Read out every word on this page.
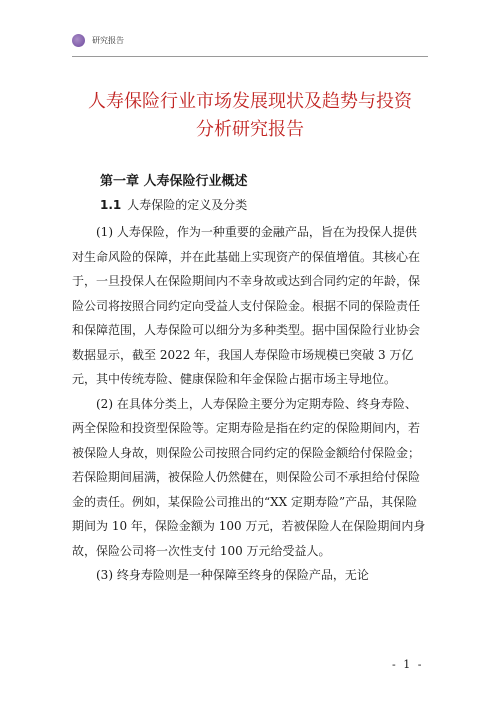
研究报告
人寿保险行业市场发展现状及趋势与投资
分析研究报告
第一章 人寿保险行业概述
1.1 人寿保险的定义及分类

(1) 人寿保险，作为一种重要的金融产品，旨在为投保人提供对生命风险的保障，并在此基础上实现资产的保值增值。其核心在于，一旦投保人在保险期间内不幸身故或达到合同约定的年龄，保险公司将按照合同约定向受益人支付保险金。根据不同的保险责任和保障范围，人寿保险可以细分为多种类型。据中国保险行业协会数据显示，截至 2022 年，我国人寿保险市场规模已突破 3 万亿元，其中传统寿险、健康保险和年金保险占据市场主导地位。

(2) 在具体分类上，人寿保险主要分为定期寿险、终身寿险、两全保险和投资型保险等。定期寿险是指在约定的保险期间内，若被保险人身故，则保险公司按照合同约定的保险金额给付保险金；若保险期间届满，被保险人仍然健在，则保险公司不承担给付保险金的责任。例如，某保险公司推出的“XX 定期寿险”产品，其保险期间为 10 年，保险金额为 100 万元，若被保险人在保险期间内身故，保险公司将一次性支付 100 万元给受益人。

(3) 终身寿险则是一种保障至终身的保险产品，无论

- 1 -
